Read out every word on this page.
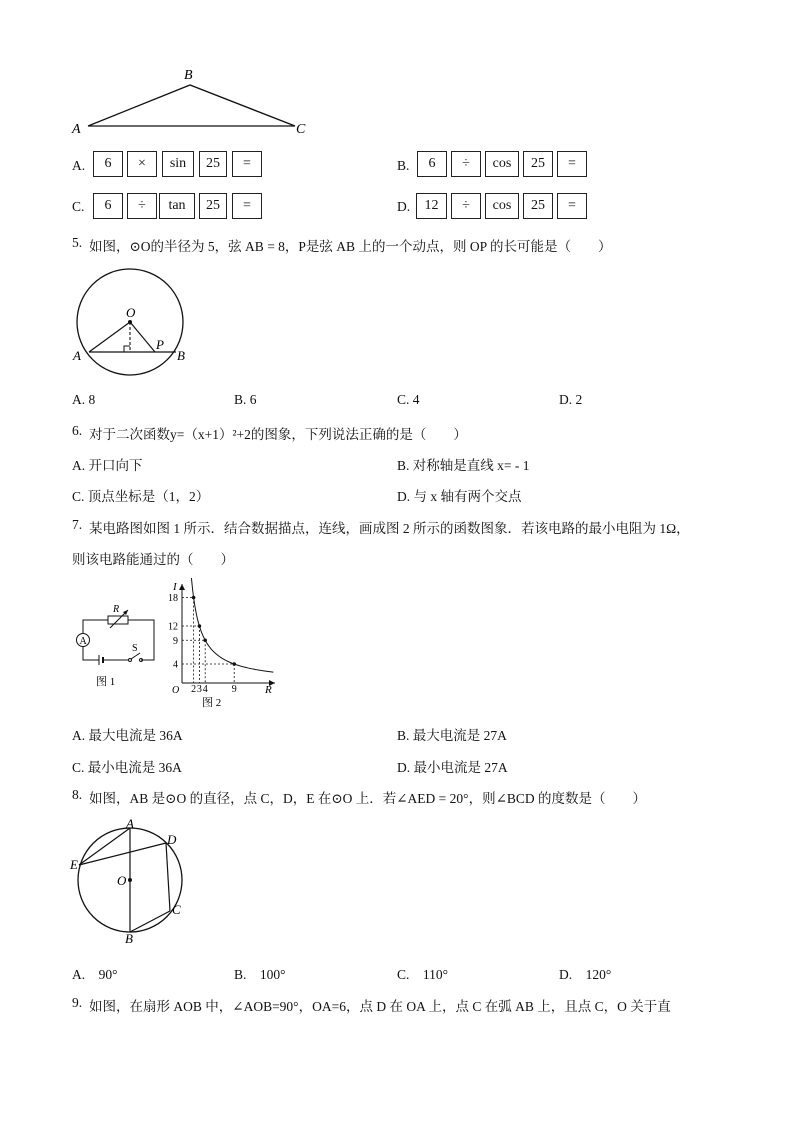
B
A	C
A.	6	×	sin	25	=	B.	6	÷	cos	25	=
C.	6	÷	tan	25	=	D.	12	÷	cos	25	=
5. 如图，⊙O的半径为 5，弦 AB = 8，P是弦 AB 上的一个动点，则 OP 的长可能是（　　）
O
A	B
P
A. 8	B. 6	C. 4	D. 2
6. 对于二次函数y=（x+1）²+2的图象，下列说法正确的是（　　）
A. 开口向下	B. 对称轴是直线 x= - 1
C. 顶点坐标是（1，2）	D. 与 x 轴有两个交点
7. 某电路图如图 1 所示．结合数据描点，连线，画成图 2 所示的函数图象．若该电路的最小电阻为 1Ω，
则该电路能通过的（　　）
A
R
S
图 1
I
R
O
18
12
9
4
2 3 4 9
图 2
A. 最大电流是 36A	B. 最大电流是 27A
C. 最小电流是 36A	D. 最小电流是 27A
8. 如图，AB 是⊙O 的直径，点 C，D，E 在⊙O 上．若∠AED = 20°，则∠BCD 的度数是（　　）
A
D
E
O
C
B
A.　90°	B.　100°	C.　110°	D.　120°
9. 如图，在扇形 AOB 中，∠AOB=90°，OA=6，点 D 在 OA 上，点 C 在弧 AB 上，且点 C，O 关于直
